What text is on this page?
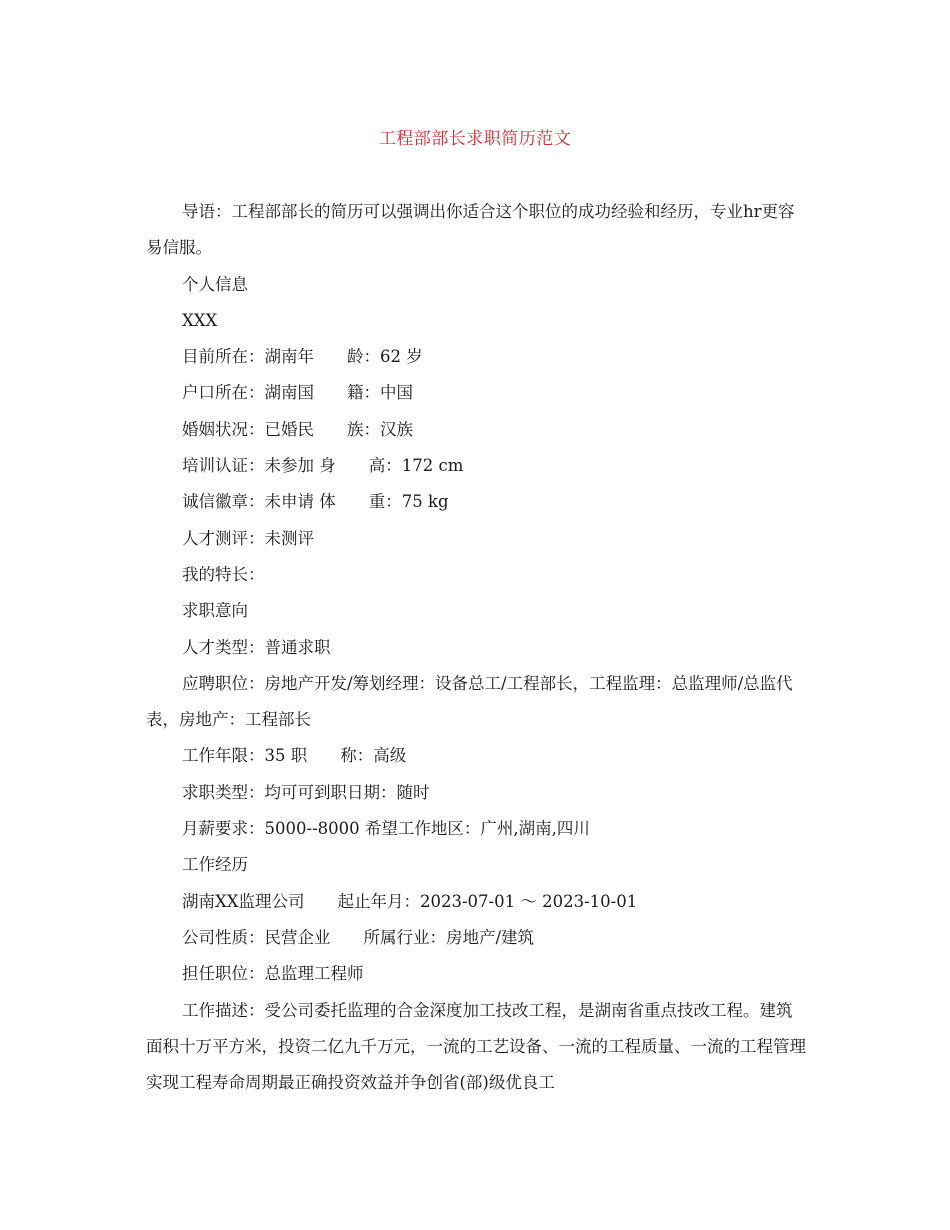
工程部部长求职简历范文

导语：工程部部长的简历可以强调出你适合这个职位的成功经验和经历，专业hr更容易信服。

个人信息

XXX

目前所在：湖南年　　龄：62 岁

户口所在：湖南国　　籍：中国

婚姻状况：已婚民　　族：汉族

培训认证：未参加 身　　高：172 cm

诚信徽章：未申请 体　　重：75 kg

人才测评：未测评

我的特长：

求职意向

人才类型：普通求职

应聘职位：房地产开发/筹划经理：设备总工/工程部长，工程监理：总监理师/总监代表，房地产：工程部长

工作年限：35 职　　称：高级

求职类型：均可可到职日期：随时

月薪要求：5000--8000 希望工作地区：广州,湖南,四川

工作经历

湖南XX监理公司　　起止年月：2023-07-01 ～ 2023-10-01

公司性质：民营企业　　所属行业：房地产/建筑

担任职位：总监理工程师

工作描述：受公司委托监理的合金深度加工技改工程，是湖南省重点技改工程。建筑面积十万平方米，投资二亿九千万元，一流的工艺设备、一流的工程质量、一流的工程管理实现工程寿命周期最正确投资效益并争创省(部)级优良工
